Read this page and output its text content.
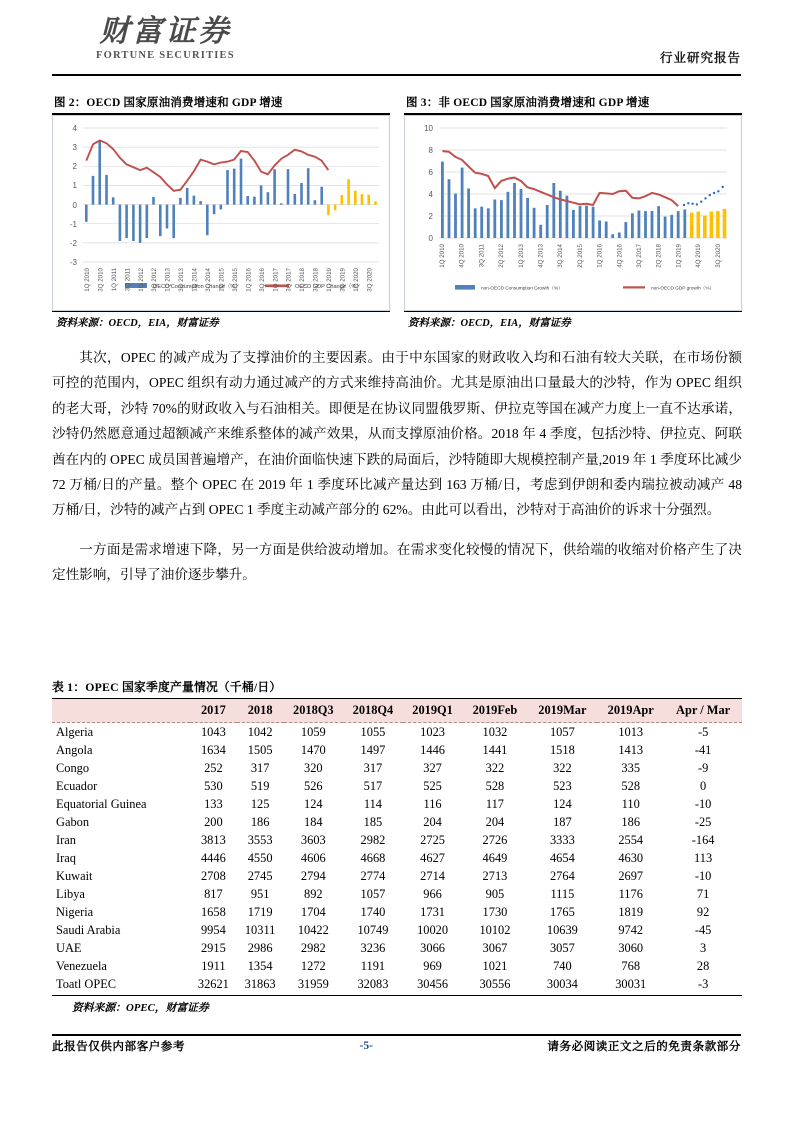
财富证券
FORTUNE SECURITIES	行业研究报告
图 2：OECD 国家原油消费增速和 GDP 增速
4
3
2
1
0
-1
-2
-3
OECD Consumption Change（%）	OECD GDP Change（%）
1Q 2010 3Q 2010 1Q 2011 3Q 2011 1Q 2012 3Q 2012 1Q 2013 3Q 2013 1Q 2014 3Q 2014 1Q 2015 3Q 2015 1Q 2016 3Q 2016 1Q 2017 3Q 2017 1Q 2018 3Q 2018 1Q 2019 3Q 2019 1Q 2020 3Q 2020
资料来源：OECD，EIA，财富证券
图 3：非 OECD 国家原油消费增速和 GDP 增速
10
8
6
4
2
0
1Q 2010 4Q 2010 3Q 2011 2Q 2012 1Q 2013 4Q 2013 3Q 2014 2Q 2015 1Q 2016 4Q 2016 3Q 2017 2Q 2018 1Q 2019 4Q 2019 3Q 2020
non-OECD Consumption Growth（%）	non-OECD GDP growth（%）
资料来源：OECD，EIA，财富证券

其次，OPEC 的减产成为了支撑油价的主要因素。由于中东国家的财政收入均和石油有较大关联，在市场份额可控的范围内，OPEC 组织有动力通过减产的方式来维持高油价。尤其是原油出口量最大的沙特，作为 OPEC 组织的老大哥，沙特 70%的财政收入与石油相关。即便是在协议同盟俄罗斯、伊拉克等国在减产力度上一直不达承诺，沙特仍然愿意通过超额减产来维系整体的减产效果，从而支撑原油价格。2018 年 4 季度，包括沙特、伊拉克、阿联酋在内的 OPEC 成员国普遍增产，在油价面临快速下跌的局面后，沙特随即大规模控制产量,2019 年 1 季度环比减少 72 万桶/日的产量。整个 OPEC 在 2019 年 1 季度环比减产量达到 163 万桶/日，考虑到伊朗和委内瑞拉被动减产 48 万桶/日，沙特的减产占到 OPEC 1 季度主动减产部分的 62%。由此可以看出，沙特对于高油价的诉求十分强烈。

一方面是需求增速下降，另一方面是供给波动增加。在需求变化较慢的情况下，供给端的收缩对价格产生了决定性影响，引导了油价逐步攀升。

表 1：OPEC 国家季度产量情况（千桶/日）
	2017	2018	2018Q3	2018Q4	2019Q1	2019Feb	2019Mar	2019Apr	Apr / Mar
Algeria	1043	1042	1059	1055	1023	1032	1057	1013	-5
Angola	1634	1505	1470	1497	1446	1441	1518	1413	-41
Congo	252	317	320	317	327	322	322	335	-9
Ecuador	530	519	526	517	525	528	523	528	0
Equatorial Guinea	133	125	124	114	116	117	124	110	-10
Gabon	200	186	184	185	204	204	187	186	-25
Iran	3813	3553	3603	2982	2725	2726	3333	2554	-164
Iraq	4446	4550	4606	4668	4627	4649	4654	4630	113
Kuwait	2708	2745	2794	2774	2714	2713	2764	2697	-10
Libya	817	951	892	1057	966	905	1115	1176	71
Nigeria	1658	1719	1704	1740	1731	1730	1765	1819	92
Saudi Arabia	9954	10311	10422	10749	10020	10102	10639	9742	-45
UAE	2915	2986	2982	3236	3066	3067	3057	3060	3
Venezuela	1911	1354	1272	1191	969	1021	740	768	28
Toatl OPEC	32621	31863	31959	32083	30456	30556	30034	30031	-3
资料来源：OPEC，财富证券
此报告仅供内部客户参考	-5-	请务必阅读正文之后的免责条款部分
